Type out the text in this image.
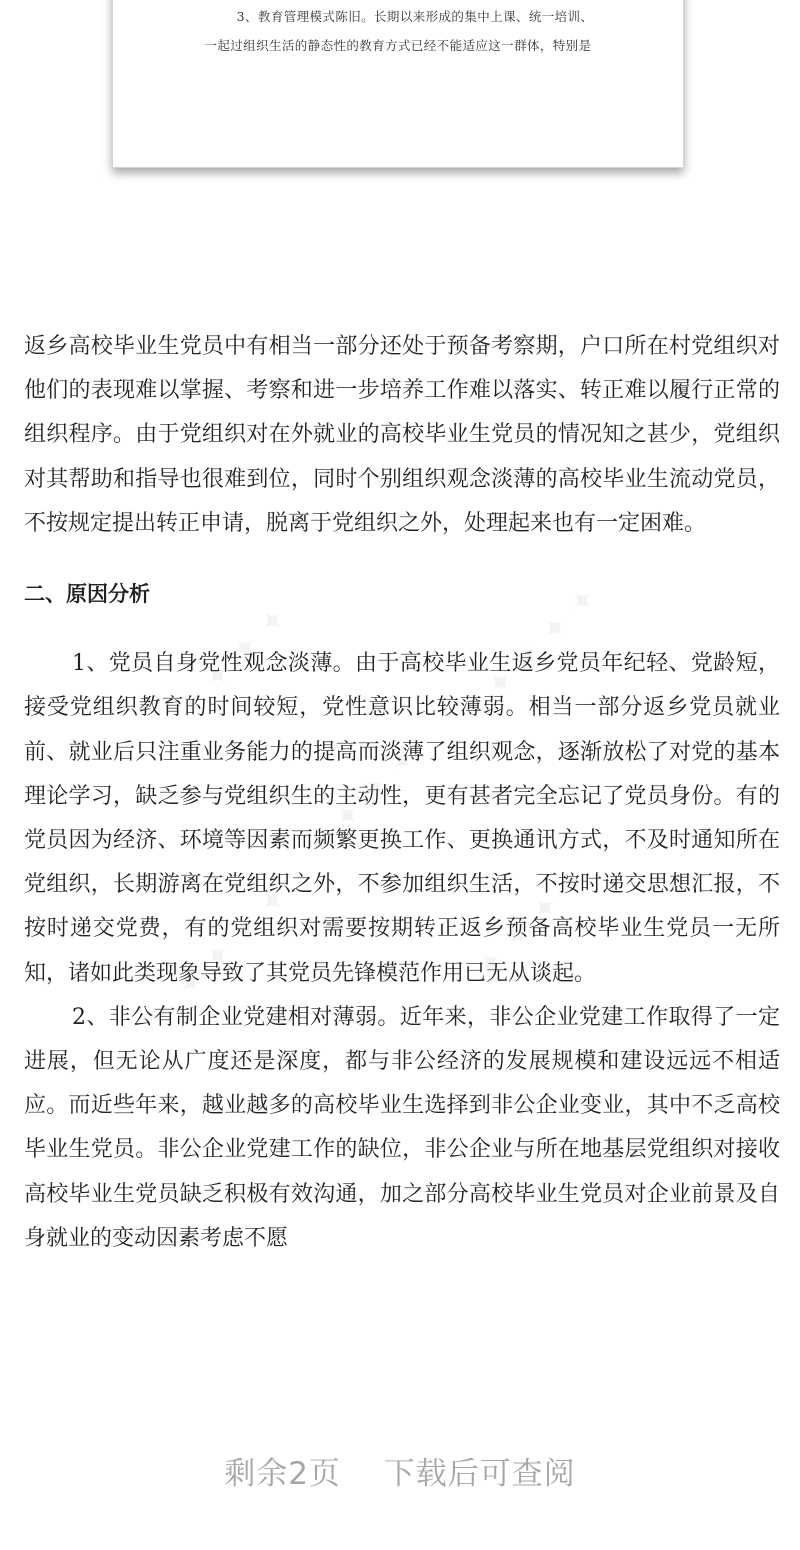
3、教育管理模式陈旧。长期以来形成的集中上课、统一培训、
一起过组织生活的静态性的教育方式已经不能适应这一群体，特别是

返乡高校毕业生党员中有相当一部分还处于预备考察期，户口所在村党组织对他们的表现难以掌握、考察和进一步培养工作难以落实、转正难以履行正常的组织程序。由于党组织对在外就业的高校毕业生党员的情况知之甚少，党组织对其帮助和指导也很难到位，同时个别组织观念淡薄的高校毕业生流动党员，不按规定提出转正申请，脱离于党组织之外，处理起来也有一定困难。

二、原因分析

1、党员自身党性观念淡薄。由于高校毕业生返乡党员年纪轻、党龄短，接受党组织教育的时间较短，党性意识比较薄弱。相当一部分返乡党员就业前、就业后只注重业务能力的提高而淡薄了组织观念，逐渐放松了对党的基本理论学习，缺乏参与党组织生的主动性，更有甚者完全忘记了党员身份。有的党员因为经济、环境等因素而频繁更换工作、更换通讯方式，不及时通知所在党组织，长期游离在党组织之外，不参加组织生活，不按时递交思想汇报，不按时递交党费，有的党组织对需要按期转正返乡预备高校毕业生党员一无所知，诸如此类现象导致了其党员先锋模范作用已无从谈起。

2、非公有制企业党建相对薄弱。近年来，非公企业党建工作取得了一定进展，但无论从广度还是深度，都与非公经济的发展规模和建设远远不相适应。而近些年来，越业越多的高校毕业生选择到非公企业变业，其中不乏高校毕业生党员。非公企业党建工作的缺位，非公企业与所在地基层党组织对接收高校毕业生党员缺乏积极有效沟通，加之部分高校毕业生党员对企业前景及自身就业的变动因素考虑不愿

✦ ✦ ✦ ✦	✦ ✦ ✦ ✦
✦ ✦ ✦ ✦
✦ ✦ ✦ ✦	✦ ✦ ✦ ✦
剩余2页 下载后可查阅
